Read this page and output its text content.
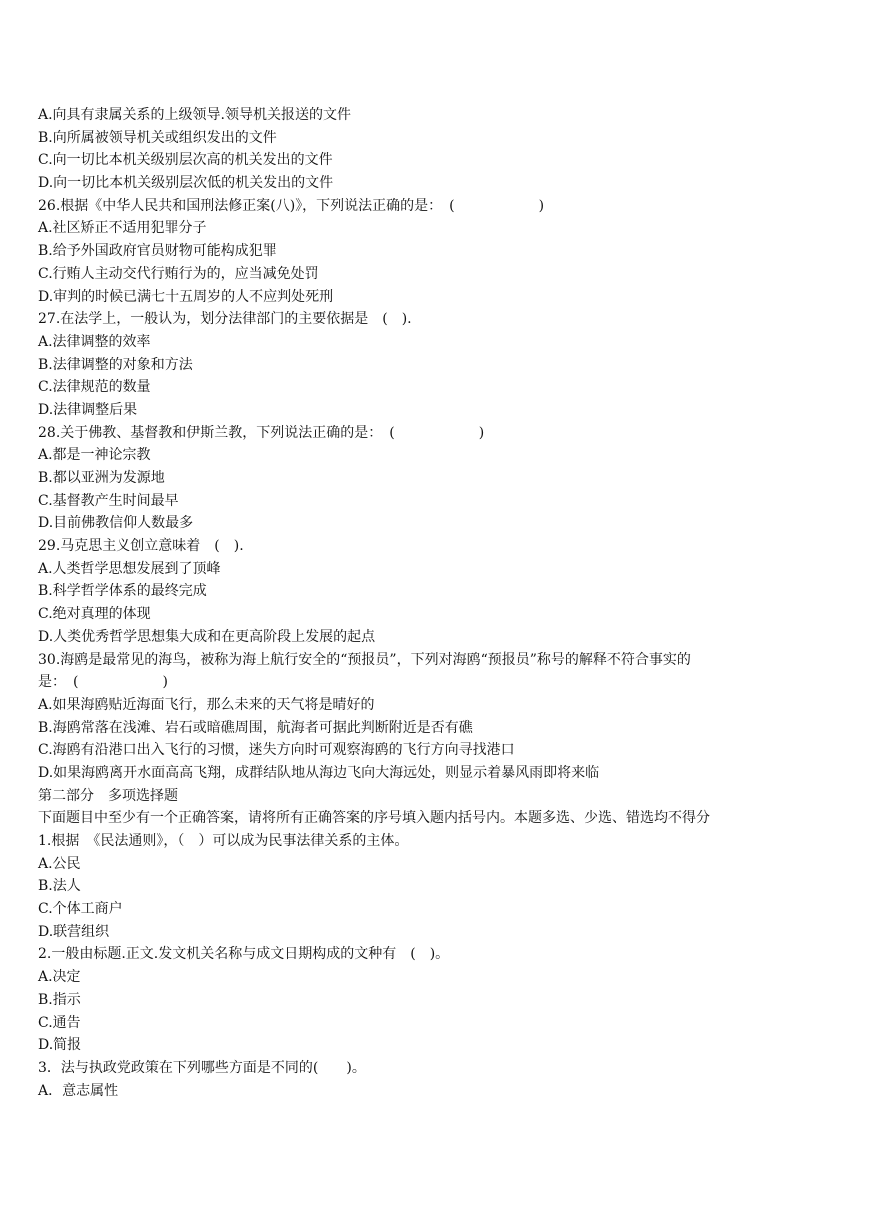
A.向具有隶属关系的上级领导.领导机关报送的文件
B.向所属被领导机关或组织发出的文件
C.向一切比本机关级别层次高的机关发出的文件
D.向一切比本机关级别层次低的机关发出的文件
26.根据《中华人民共和国刑法修正案(八)》，下列说法正确的是：　(　　　　　　)
A.社区矫正不适用犯罪分子
B.给予外国政府官员财物可能构成犯罪
C.行贿人主动交代行贿行为的，应当减免处罚
D.审判的时候已满七十五周岁的人不应判处死刑
27.在法学上，一般认为，划分法律部门的主要依据是　(　).
A.法律调整的效率
B.法律调整的对象和方法
C.法律规范的数量
D.法律调整后果
28.关于佛教、基督教和伊斯兰教，下列说法正确的是：　(　　　　　　)
A.都是一神论宗教
B.都以亚洲为发源地
C.基督教产生时间最早
D.目前佛教信仰人数最多
29.马克思主义创立意味着　(　).
A.人类哲学思想发展到了顶峰
B.科学哲学体系的最终完成
C.绝对真理的体现
D.人类优秀哲学思想集大成和在更高阶段上发展的起点
30.海鸥是最常见的海鸟，被称为海上航行安全的“预报员”，下列对海鸥“预报员”称号的解释不符合事实的
是：　(　　　　　　)
A.如果海鸥贴近海面飞行，那么未来的天气将是晴好的
B.海鸥常落在浅滩、岩石或暗礁周围，航海者可据此判断附近是否有礁
C.海鸥有沿港口出入飞行的习惯，迷失方向时可观察海鸥的飞行方向寻找港口
D.如果海鸥离开水面高高飞翔，成群结队地从海边飞向大海远处，则显示着暴风雨即将来临
第二部分　多项选择题
下面题目中至少有一个正确答案，请将所有正确答案的序号填入题内括号内。本题多选、少选、错选均不得分
1.根据　《民法通则》，（　）可以成为民事法律关系的主体。
A.公民
B.法人
C.个体工商户
D.联营组织
2.一般由标题.正文.发文机关名称与成文日期构成的文种有　(　)。
A.决定
B.指示
C.通告
D.简报
3．法与执政党政策在下列哪些方面是不同的(　　)。
A．意志属性
